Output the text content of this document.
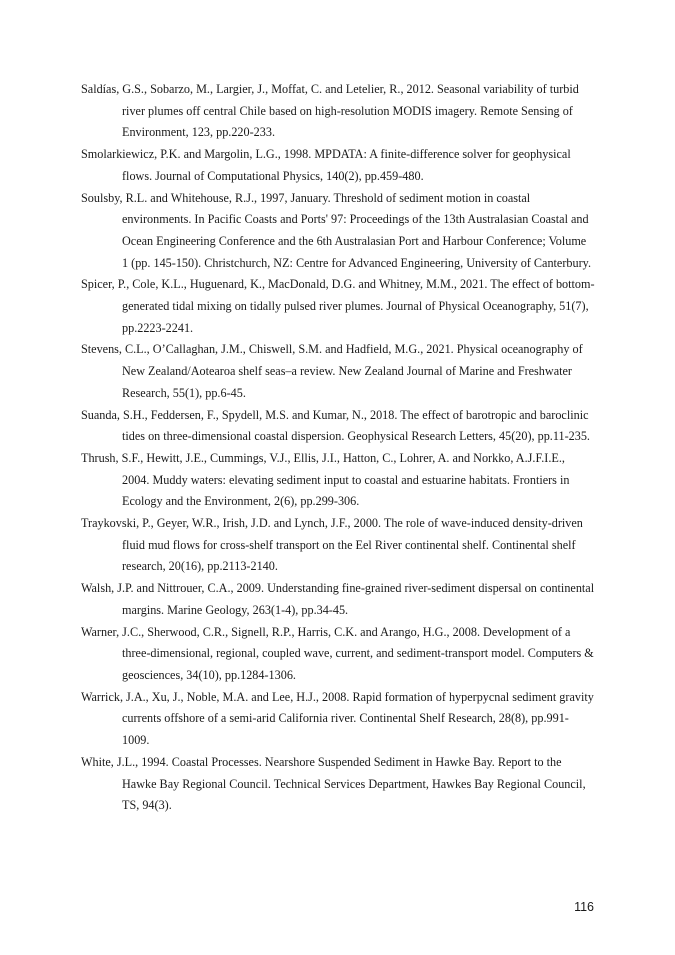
Saldías, G.S., Sobarzo, M., Largier, J., Moffat, C. and Letelier, R., 2012. Seasonal variability of turbid river plumes off central Chile based on high-resolution MODIS imagery. Remote Sensing of Environment, 123, pp.220-233.
Smolarkiewicz, P.K. and Margolin, L.G., 1998. MPDATA: A finite-difference solver for geophysical flows. Journal of Computational Physics, 140(2), pp.459-480.
Soulsby, R.L. and Whitehouse, R.J., 1997, January. Threshold of sediment motion in coastal environments. In Pacific Coasts and Ports' 97: Proceedings of the 13th Australasian Coastal and Ocean Engineering Conference and the 6th Australasian Port and Harbour Conference; Volume 1 (pp. 145-150). Christchurch, NZ: Centre for Advanced Engineering, University of Canterbury.
Spicer, P., Cole, K.L., Huguenard, K., MacDonald, D.G. and Whitney, M.M., 2021. The effect of bottom-generated tidal mixing on tidally pulsed river plumes. Journal of Physical Oceanography, 51(7), pp.2223-2241.
Stevens, C.L., O’Callaghan, J.M., Chiswell, S.M. and Hadfield, M.G., 2021. Physical oceanography of New Zealand/Aotearoa shelf seas–a review. New Zealand Journal of Marine and Freshwater Research, 55(1), pp.6-45.
Suanda, S.H., Feddersen, F., Spydell, M.S. and Kumar, N., 2018. The effect of barotropic and baroclinic tides on three-dimensional coastal dispersion. Geophysical Research Letters, 45(20), pp.11-235.
Thrush, S.F., Hewitt, J.E., Cummings, V.J., Ellis, J.I., Hatton, C., Lohrer, A. and Norkko, A.J.F.I.E., 2004. Muddy waters: elevating sediment input to coastal and estuarine habitats. Frontiers in Ecology and the Environment, 2(6), pp.299-306.
Traykovski, P., Geyer, W.R., Irish, J.D. and Lynch, J.F., 2000. The role of wave-induced density-driven fluid mud flows for cross-shelf transport on the Eel River continental shelf. Continental shelf research, 20(16), pp.2113-2140.
Walsh, J.P. and Nittrouer, C.A., 2009. Understanding fine-grained river-sediment dispersal on continental margins. Marine Geology, 263(1-4), pp.34-45.
Warner, J.C., Sherwood, C.R., Signell, R.P., Harris, C.K. and Arango, H.G., 2008. Development of a three-dimensional, regional, coupled wave, current, and sediment-transport model. Computers & geosciences, 34(10), pp.1284-1306.
Warrick, J.A., Xu, J., Noble, M.A. and Lee, H.J., 2008. Rapid formation of hyperpycnal sediment gravity currents offshore of a semi-arid California river. Continental Shelf Research, 28(8), pp.991-1009.
White, J.L., 1994. Coastal Processes. Nearshore Suspended Sediment in Hawke Bay. Report to the Hawke Bay Regional Council. Technical Services Department, Hawkes Bay Regional Council, TS, 94(3).
116
